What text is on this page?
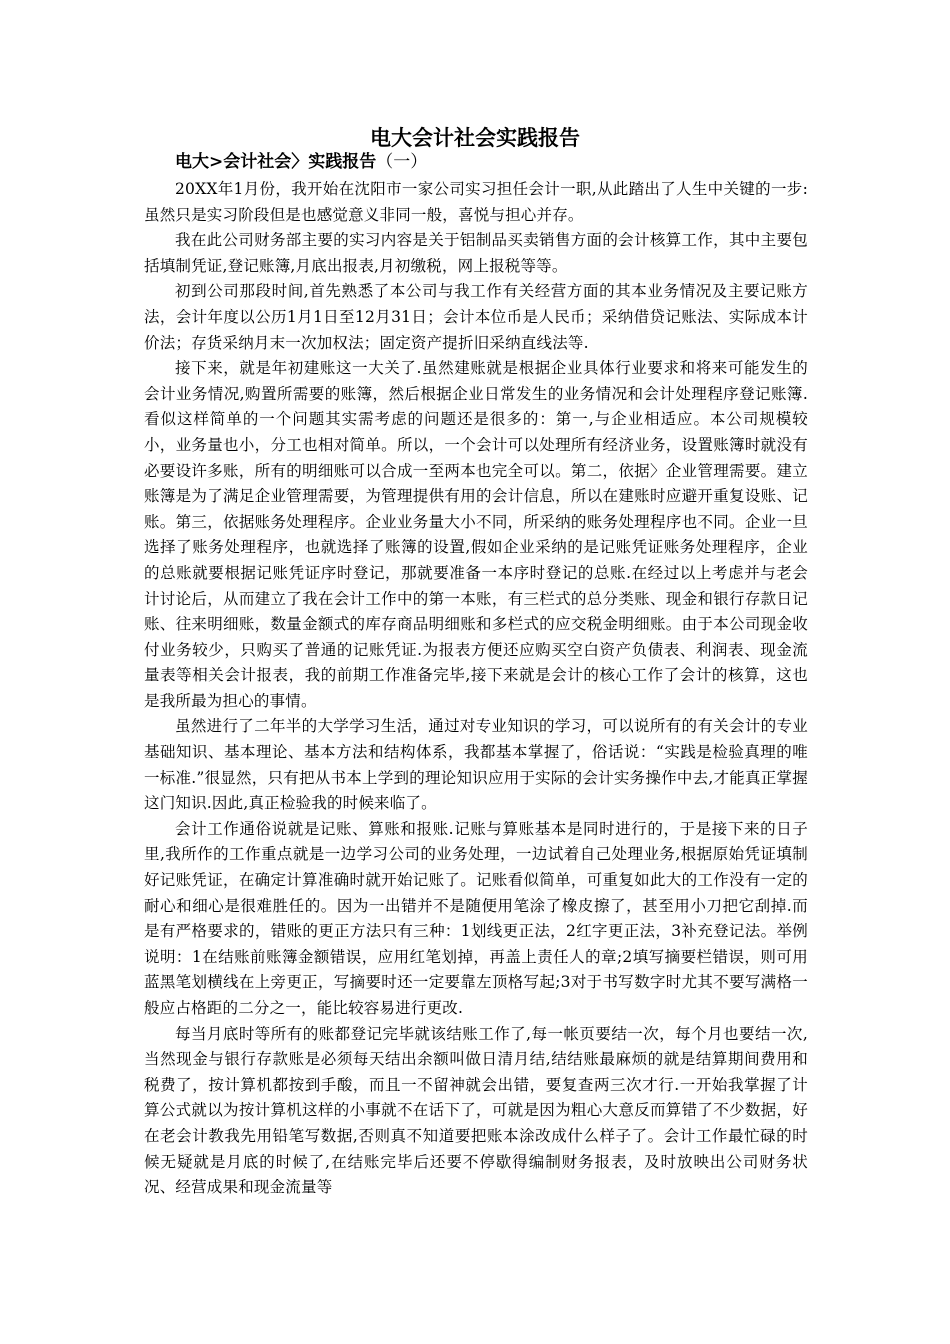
电大会计社会实践报告
电大>会计社会〉实践报告（一）

20XX年1月份，我开始在沈阳市一家公司实习担任会计一职,从此踏出了人生中关键的一步:虽然只是实习阶段但是也感觉意义非同一般，喜悦与担心并存。

我在此公司财务部主要的实习内容是关于铝制品买卖销售方面的会计核算工作，其中主要包括填制凭证,登记账簿,月底出报表,月初缴税，网上报税等等。

初到公司那段时间,首先熟悉了本公司与我工作有关经营方面的其本业务情况及主要记账方法，会计年度以公历1月1日至12月31日；会计本位币是人民币；采纳借贷记账法、实际成本计价法；存货采纳月末一次加权法；固定资产提折旧采纳直线法等.

接下来，就是年初建账这一大关了.虽然建账就是根据企业具体行业要求和将来可能发生的会计业务情况,购置所需要的账簿，然后根据企业日常发生的业务情况和会计处理程序登记账簿.看似这样简单的一个问题其实需考虑的问题还是很多的：第一,与企业相适应。本公司规模较小，业务量也小，分工也相对简单。所以，一个会计可以处理所有经济业务，设置账簿时就没有必要设许多账，所有的明细账可以合成一至两本也完全可以。第二，依据〉企业管理需要。建立账簿是为了满足企业管理需要，为管理提供有用的会计信息，所以在建账时应避开重复设账、记账。第三，依据账务处理程序。企业业务量大小不同，所采纳的账务处理程序也不同。企业一旦选择了账务处理程序，也就选择了账簿的设置,假如企业采纳的是记账凭证账务处理程序，企业的总账就要根据记账凭证序时登记，那就要准备一本序时登记的总账.在经过以上考虑并与老会计讨论后，从而建立了我在会计工作中的第一本账，有三栏式的总分类账、现金和银行存款日记账、往来明细账，数量金额式的库存商品明细账和多栏式的应交税金明细账。由于本公司现金收付业务较少，只购买了普通的记账凭证.为报表方便还应购买空白资产负债表、利润表、现金流量表等相关会计报表，我的前期工作准备完毕,接下来就是会计的核心工作了会计的核算，这也是我所最为担心的事情。

虽然进行了二年半的大学学习生活，通过对专业知识的学习，可以说所有的有关会计的专业基础知识、基本理论、基本方法和结构体系，我都基本掌握了，俗话说：“实践是检验真理的唯一标准.”很显然，只有把从书本上学到的理论知识应用于实际的会计实务操作中去,才能真正掌握这门知识.因此,真正检验我的时候来临了。

会计工作通俗说就是记账、算账和报账.记账与算账基本是同时进行的，于是接下来的日子里,我所作的工作重点就是一边学习公司的业务处理，一边试着自己处理业务,根据原始凭证填制好记账凭证，在确定计算准确时就开始记账了。记账看似简单，可重复如此大的工作没有一定的耐心和细心是很难胜任的。因为一出错并不是随便用笔涂了橡皮擦了，甚至用小刀把它刮掉.而是有严格要求的，错账的更正方法只有三种：1划线更正法，2红字更正法，3补充登记法。举例说明：1在结账前账簿金额错误，应用红笔划掉，再盖上责任人的章;2填写摘要栏错误，则可用蓝黑笔划横线在上旁更正，写摘要时还一定要靠左顶格写起;3对于书写数字时尤其不要写满格一般应占格距的二分之一，能比较容易进行更改.

每当月底时等所有的账都登记完毕就该结账工作了,每一帐页要结一次，每个月也要结一次,当然现金与银行存款账是必须每天结出余额叫做日清月结,结结账最麻烦的就是结算期间费用和税费了，按计算机都按到手酸，而且一不留神就会出错，要复查两三次才行.一开始我掌握了计算公式就以为按计算机这样的小事就不在话下了，可就是因为粗心大意反而算错了不少数据，好在老会计教我先用铅笔写数据,否则真不知道要把账本涂改成什么样子了。会计工作最忙碌的时候无疑就是月底的时候了,在结账完毕后还要不停歇得编制财务报表，及时放映出公司财务状况、经营成果和现金流量等
